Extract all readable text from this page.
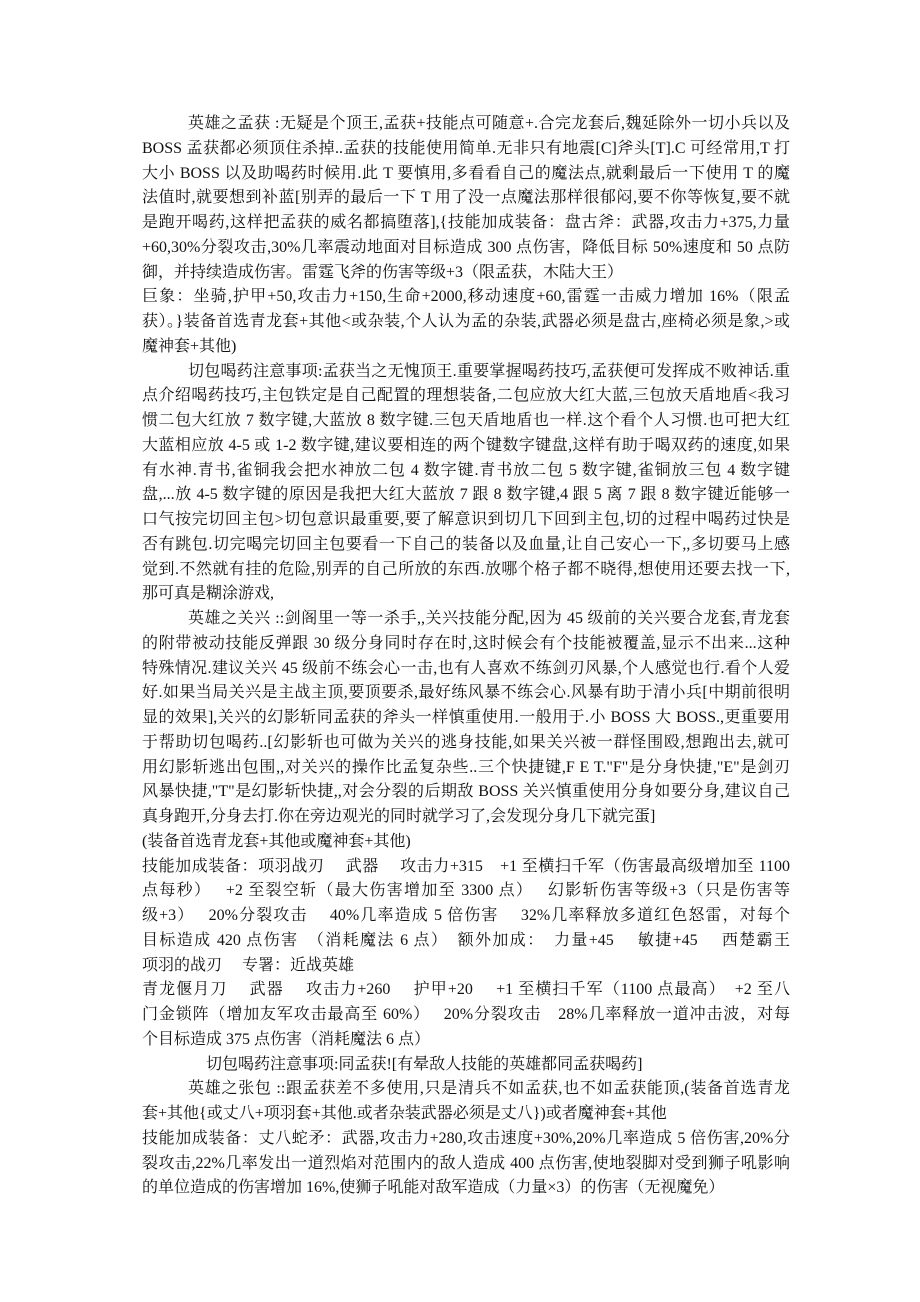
英雄之孟获 :无疑是个顶王,孟获+技能点可随意+.合完龙套后,魏延除外一切小兵以及
BOSS 孟获都必须顶住杀掉..孟获的技能使用简单.无非只有地震[C]斧头[T].C 可经常用,T 打
大小 BOSS 以及助喝药时候用.此 T 要慎用,多看看自己的魔法点,就剩最后一下使用 T 的魔
法值时,就要想到补蓝[别弄的最后一下 T 用了没一点魔法那样很郁闷,要不你等恢复,要不就
是跑开喝药,这样把孟获的威名都搞堕落],{技能加成装备：盘古斧：武器,攻击力+375,力量
+60,30%分裂攻击,30%几率震动地面对目标造成 300 点伤害，降低目标 50%速度和 50 点防
御，并持续造成伤害。雷霆飞斧的伤害等级+3（限孟获，木陆大王）
巨象：坐骑,护甲+50,攻击力+150,生命+2000,移动速度+60,雷霆一击威力增加 16%（限孟
获）。}装备首选青龙套+其他<或杂装,个人认为孟的杂装,武器必须是盘古,座椅必须是象,>或
魔神套+其他)
切包喝药注意事项:孟获当之无愧顶王.重要掌握喝药技巧,孟获便可发挥成不败神话.重
点介绍喝药技巧,主包铁定是自己配置的理想装备,二包应放大红大蓝,三包放天盾地盾<我习
惯二包大红放 7 数字键,大蓝放 8 数字键.三包天盾地盾也一样.这个看个人习惯.也可把大红
大蓝相应放 4-5 或 1-2 数字键,建议要相连的两个键数字键盘,这样有助于喝双药的速度,如果
有水神.青书,雀铜我会把水神放二包 4 数字键.青书放二包 5 数字键,雀铜放三包 4 数字键
盘,...放 4-5 数字键的原因是我把大红大蓝放 7 跟 8 数字键,4 跟 5 离 7 跟 8 数字键近能够一
口气按完切回主包>切包意识最重要,要了解意识到切几下回到主包,切的过程中喝药过快是
否有跳包.切完喝完切回主包要看一下自己的装备以及血量,让自己安心一下,,多切要马上感
觉到.不然就有挂的危险,别弄的自己所放的东西.放哪个格子都不晓得,想使用还要去找一下,
那可真是糊涂游戏,
英雄之关兴 ::剑阁里一等一杀手,,关兴技能分配,因为 45 级前的关兴要合龙套,青龙套
的附带被动技能反弹跟 30 级分身同时存在时,这时候会有个技能被覆盖,显示不出来...这种
特殊情况.建议关兴 45 级前不练会心一击,也有人喜欢不练剑刃风暴,个人感觉也行.看个人爱
好.如果当局关兴是主战主顶,要顶要杀,最好练风暴不练会心.风暴有助于清小兵[中期前很明
显的效果],关兴的幻影斩同孟获的斧头一样慎重使用.一般用于.小 BOSS 大 BOSS.,更重要用
于帮助切包喝药..[幻影斩也可做为关兴的逃身技能,如果关兴被一群怪围殴,想跑出去,就可
用幻影斩逃出包围,,对关兴的操作比孟复杂些..三个快捷键,F E T."F"是分身快捷,"E"是剑刃
风暴快捷,"T"是幻影斩快捷,,对会分裂的后期敌 BOSS 关兴慎重使用分身如要分身,建议自己
真身跑开,分身去打.你在旁边观光的同时就学习了,会发现分身几下就完蛋]
(装备首选青龙套+其他或魔神套+其他)
技能加成装备：项羽战刃　 武器　 攻击力+315　+1 至横扫千军（伤害最高级增加至 1100
点每秒）　 +2 至裂空斩（最大伤害增加至 3300 点）　 幻影斩伤害等级+3（只是伤害等
级+3）　 20%分裂攻击　 40%几率造成 5 倍伤害　 32%几率释放多道红色怒雷，对每个
目标造成 420 点伤害　（消耗魔法 6 点）　额外加成：　力量+45　 敏捷+45　 西楚霸王
项羽的战刃　 专署：近战英雄
青龙偃月刀　 武器　 攻击力+260　 护甲+20　 +1 至横扫千军（1100 点最高）　+2 至八
门金锁阵（增加友军攻击最高至 60%）　 20%分裂攻击　28%几率释放一道冲击波，对每
个目标造成 375 点伤害（消耗魔法 6 点）
切包喝药注意事项:同孟获![有晕敌人技能的英雄都同孟获喝药]
英雄之张包 ::跟孟获差不多使用,只是清兵不如孟获,也不如孟获能顶,(装备首选青龙
套+其他{或丈八+项羽套+其他.或者杂装武器必须是丈八})或者魔神套+其他
技能加成装备：丈八蛇矛：武器,攻击力+280,攻击速度+30%,20%几率造成 5 倍伤害,20%分
裂攻击,22%几率发出一道烈焰对范围内的敌人造成 400 点伤害,使地裂脚对受到狮子吼影响
的单位造成的伤害增加 16%,使狮子吼能对敌军造成（力量×3）的伤害（无视魔免）
